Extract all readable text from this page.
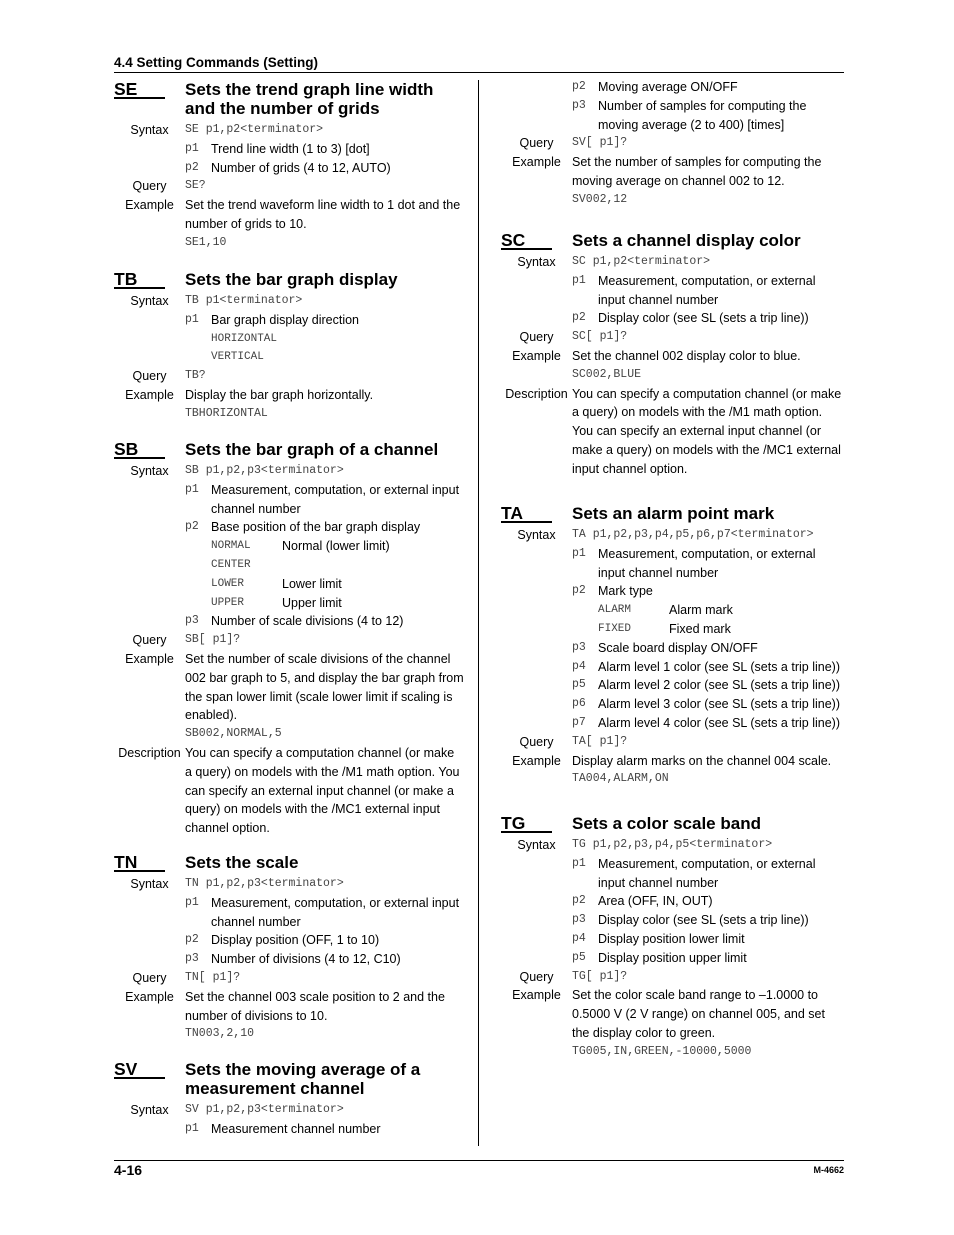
4.4 Setting Commands (Setting)
SE	Sets the trend graph line width and the number of grids
Syntax	SE p1,p2<terminator>
p1 Trend line width (1 to 3) [dot]
p2 Number of grids (4 to 12, AUTO)
Query	SE?
Example Set the trend waveform line width to 1 dot and the number of grids to 10.
SE1,10
TB	Sets the bar graph display
Syntax	TB p1<terminator>
p1 Bar graph display direction
HORIZONTAL
VERTICAL
Query	TB?
Example Display the bar graph horizontally.
TBHORIZONTAL
SB	Sets the bar graph of a channel
Syntax	SB p1,p2,p3<terminator>
p1 Measurement, computation, or external input channel number
p2 Base position of the bar graph display
NORMAL	Normal (lower limit)
CENTER
LOWER	Lower limit
UPPER	Upper limit
p3 Number of scale divisions (4 to 12)
Query	SB[ p1]?
Example Set the number of scale divisions of the channel 002 bar graph to 5, and display the bar graph from the span lower limit (scale lower limit if scaling is enabled).
SB002,NORMAL,5
Description You can specify a computation channel (or make a query) on models with the /M1 math option. You can specify an external input channel (or make a query) on models with the /MC1 external input channel option.
TN	Sets the scale
Syntax	TN p1,p2,p3<terminator>
p1 Measurement, computation, or external input channel number
p2 Display position (OFF, 1 to 10)
p3 Number of divisions (4 to 12, C10)
Query	TN[ p1]?
Example Set the channel 003 scale position to 2 and the number of divisions to 10.
TN003,2,10
SV	Sets the moving average of a measurement channel
Syntax	SV p1,p2,p3<terminator>
p1 Measurement channel number
p2 Moving average ON/OFF
p3 Number of samples for computing the moving average (2 to 400) [times]
Query	SV[ p1]?
Example Set the number of samples for computing the moving average on channel 002 to 12.
SV002,12
SC	Sets a channel display color
Syntax	SC p1,p2<terminator>
p1 Measurement, computation, or external input channel number
p2 Display color (see SL (sets a trip line))
Query	SC[ p1]?
Example Set the channel 002 display color to blue.
SC002,BLUE
Description You can specify a computation channel (or make a query) on models with the /M1 math option. You can specify an external input channel (or make a query) on models with the /MC1 external input channel option.
TA	Sets an alarm point mark
Syntax	TA p1,p2,p3,p4,p5,p6,p7<terminator>
p1 Measurement, computation, or external input channel number
p2 Mark type
ALARM	Alarm mark
FIXED	Fixed mark
p3 Scale board display ON/OFF
p4 Alarm level 1 color (see SL (sets a trip line))
p5 Alarm level 2 color (see SL (sets a trip line))
p6 Alarm level 3 color (see SL (sets a trip line))
p7 Alarm level 4 color (see SL (sets a trip line))
Query	TA[ p1]?
Example Display alarm marks on the channel 004 scale.
TA004,ALARM,ON
TG	Sets a color scale band
Syntax	TG p1,p2,p3,p4,p5<terminator>
p1 Measurement, computation, or external input channel number
p2 Area (OFF, IN, OUT)
p3 Display color (see SL (sets a trip line))
p4 Display position lower limit
p5 Display position upper limit
Query	TG[ p1]?
Example Set the color scale band range to –1.0000 to 0.5000 V (2 V range) on channel 005, and set the display color to green.
TG005,IN,GREEN,-10000,5000
4-16	M-4662
